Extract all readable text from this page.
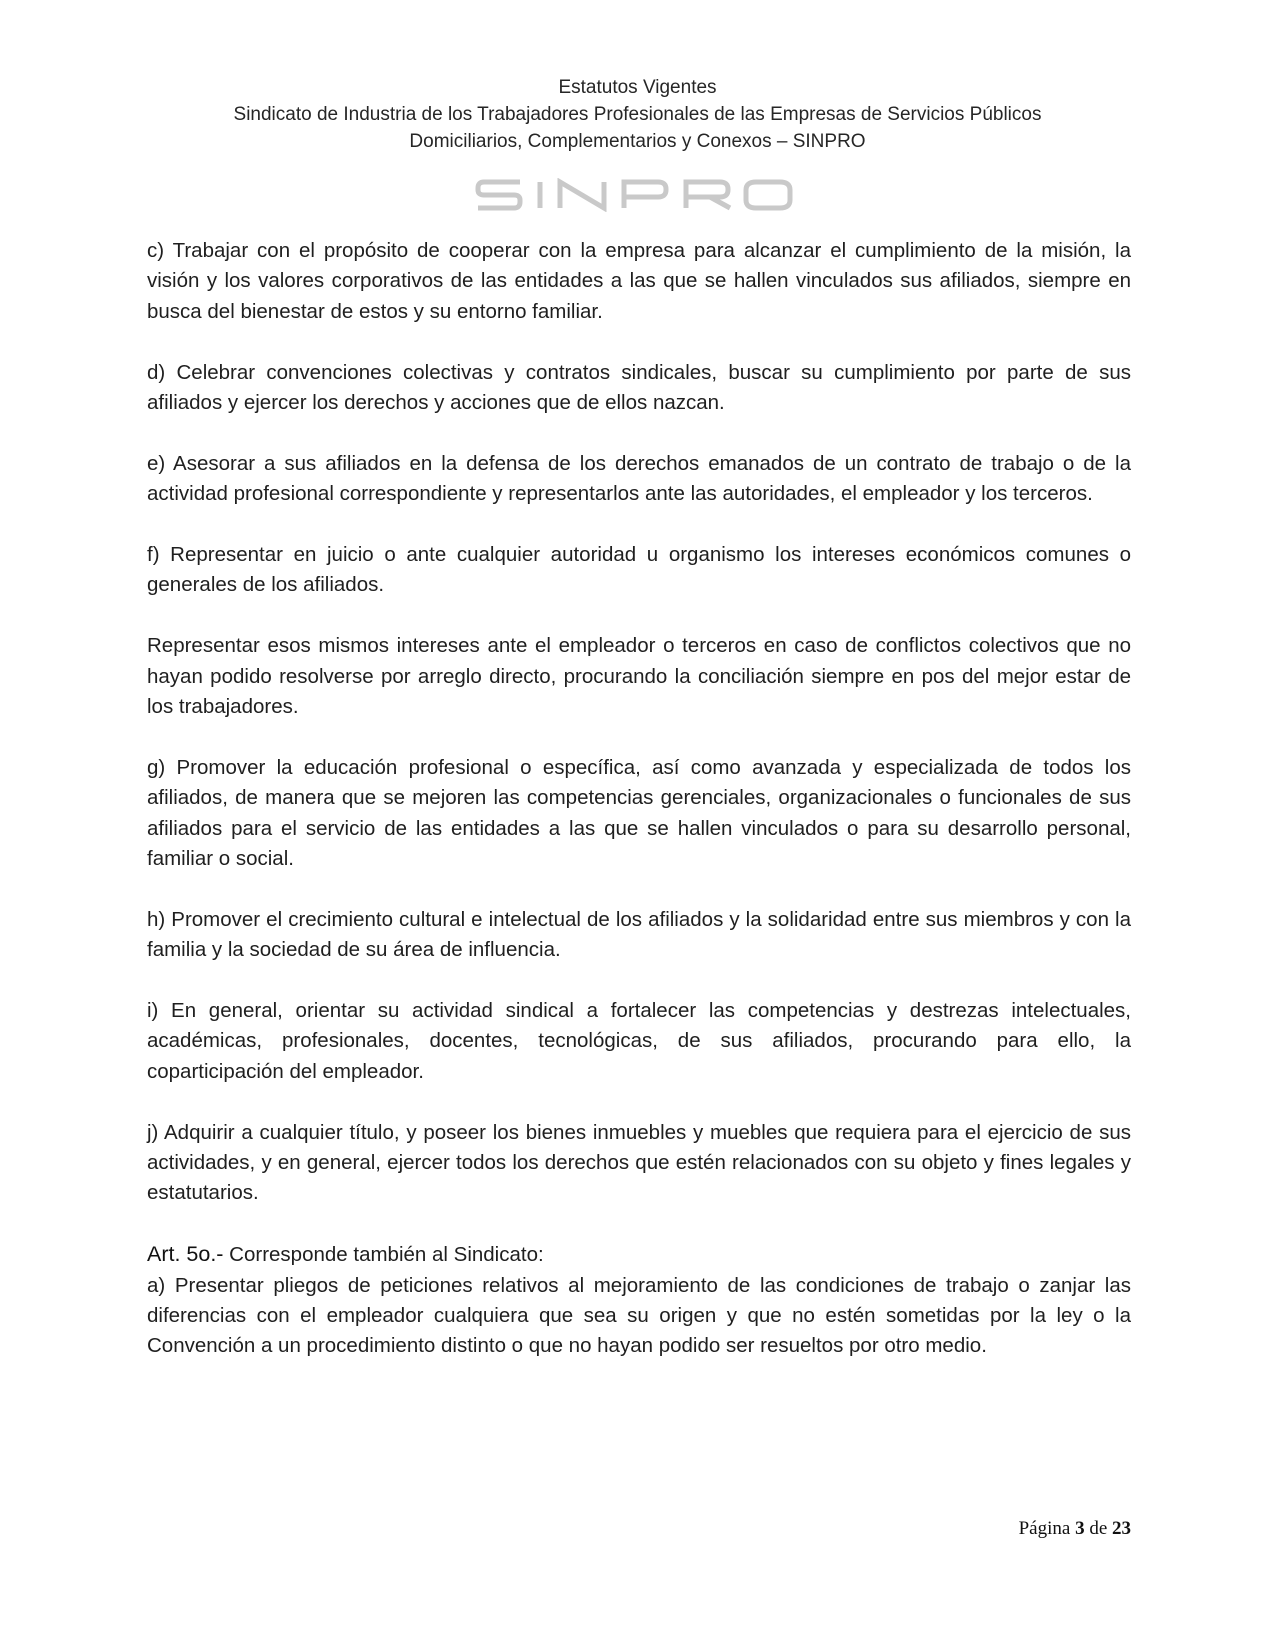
Estatutos Vigentes
Sindicato de Industria de los Trabajadores Profesionales de las Empresas de Servicios Públicos
Domiciliarios, Complementarios y Conexos – SINPRO

c) Trabajar con el propósito de cooperar con la empresa para alcanzar el cumplimiento de la misión, la visión y los valores corporativos de las entidades a las que se hallen vinculados sus afiliados, siempre en busca del bienestar de estos y su entorno familiar.

d) Celebrar convenciones colectivas y contratos sindicales, buscar su cumplimiento por parte de sus afiliados y ejercer los derechos y acciones que de ellos nazcan.

e) Asesorar a sus afiliados en la defensa de los derechos emanados de un contrato de trabajo o de la actividad profesional correspondiente y representarlos ante las autoridades, el empleador y los terceros.

f) Representar en juicio o ante cualquier autoridad u organismo los intereses económicos comunes o generales de los afiliados.

Representar esos mismos intereses ante el empleador o terceros en caso de conflictos colectivos que no hayan podido resolverse por arreglo directo, procurando la conciliación siempre en pos del mejor estar de los trabajadores.

g) Promover la educación profesional o específica, así como avanzada y especializada de todos los afiliados, de manera que se mejoren las competencias gerenciales, organizacionales o funcionales de sus afiliados para el servicio de las entidades a las que se hallen vinculados o para su desarrollo personal, familiar o social.

h) Promover el crecimiento cultural e intelectual de los afiliados y la solidaridad entre sus miembros y con la familia y la sociedad de su área de influencia.

i) En general, orientar su actividad sindical a fortalecer las competencias y destrezas intelectuales, académicas, profesionales, docentes, tecnológicas, de sus afiliados, procurando para ello, la coparticipación del empleador.

j) Adquirir a cualquier título, y poseer los bienes inmuebles y muebles que requiera para el ejercicio de sus actividades, y en general, ejercer todos los derechos que estén relacionados con su objeto y fines legales y estatutarios.

Art. 5o.- Corresponde también al Sindicato:

a) Presentar pliegos de peticiones relativos al mejoramiento de las condiciones de trabajo o zanjar las diferencias con el empleador cualquiera que sea su origen y que no estén sometidas por la ley o la Convención a un procedimiento distinto o que no hayan podido ser resueltos por otro medio.

Página 3 de 23
